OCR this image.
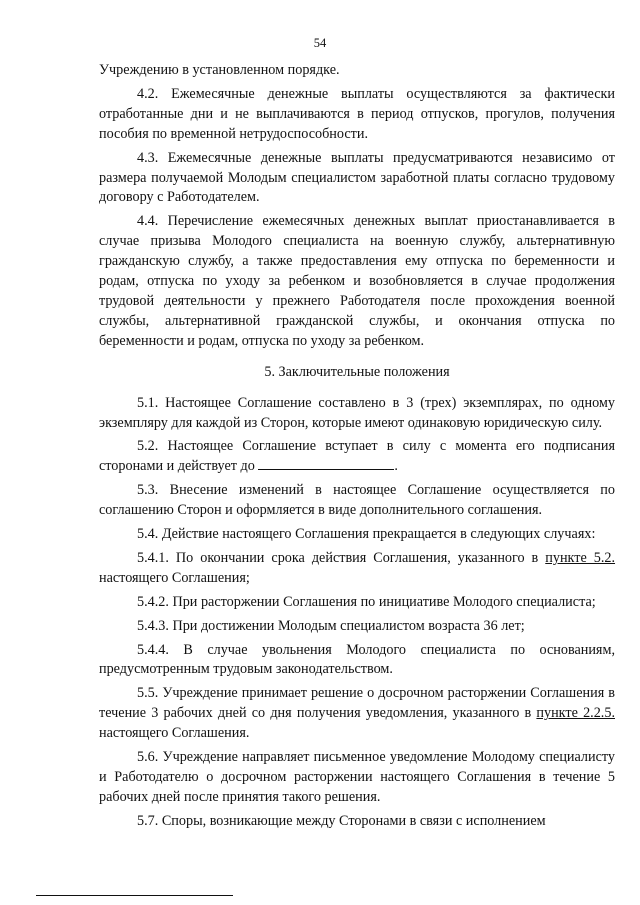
54

Учреждению в установленном порядке.

4.2. Ежемесячные денежные выплаты осуществляются за фактически отработанные дни и не выплачиваются в период отпусков, прогулов, получения пособия по временной нетрудоспособности.

4.3. Ежемесячные денежные выплаты предусматриваются независимо от размера получаемой Молодым специалистом заработной платы согласно трудовому договору с Работодателем.

4.4. Перечисление ежемесячных денежных выплат приостанавливается в случае призыва Молодого специалиста на военную службу, альтернативную гражданскую службу, а также предоставления ему отпуска по беременности и родам, отпуска по уходу за ребенком и возобновляется в случае продолжения трудовой деятельности у прежнего Работодателя после прохождения военной службы, альтернативной гражданской службы, и окончания отпуска по беременности и родам, отпуска по уходу за ребенком.

5. Заключительные положения

5.1. Настоящее Соглашение составлено в 3 (трех) экземплярах, по одному экземпляру для каждой из Сторон, которые имеют одинаковую юридическую силу.

5.2. Настоящее Соглашение вступает в силу с момента его подписания сторонами и действует до	.

5.3. Внесение изменений в настоящее Соглашение осуществляется по соглашению Сторон и оформляется в виде дополнительного соглашения.

5.4. Действие настоящего Соглашения прекращается в следующих случаях:

5.4.1. По окончании срока действия Соглашения, указанного в пункте 5.2. настоящего Соглашения;

5.4.2. При расторжении Соглашения по инициативе Молодого специалиста;

5.4.3. При достижении Молодым специалистом возраста 36 лет;

5.4.4. В случае увольнения Молодого специалиста по основаниям, предусмотренным трудовым законодательством.

5.5. Учреждение принимает решение о досрочном расторжении Соглашения в течение 3 рабочих дней со дня получения уведомления, указанного в пункте 2.2.5. настоящего Соглашения.

5.6. Учреждение направляет письменное уведомление Молодому специалисту и Работодателю о досрочном расторжении настоящего Соглашения в течение 5 рабочих дней после принятия такого решения.

5.7. Споры, возникающие между Сторонами в связи с исполнением
